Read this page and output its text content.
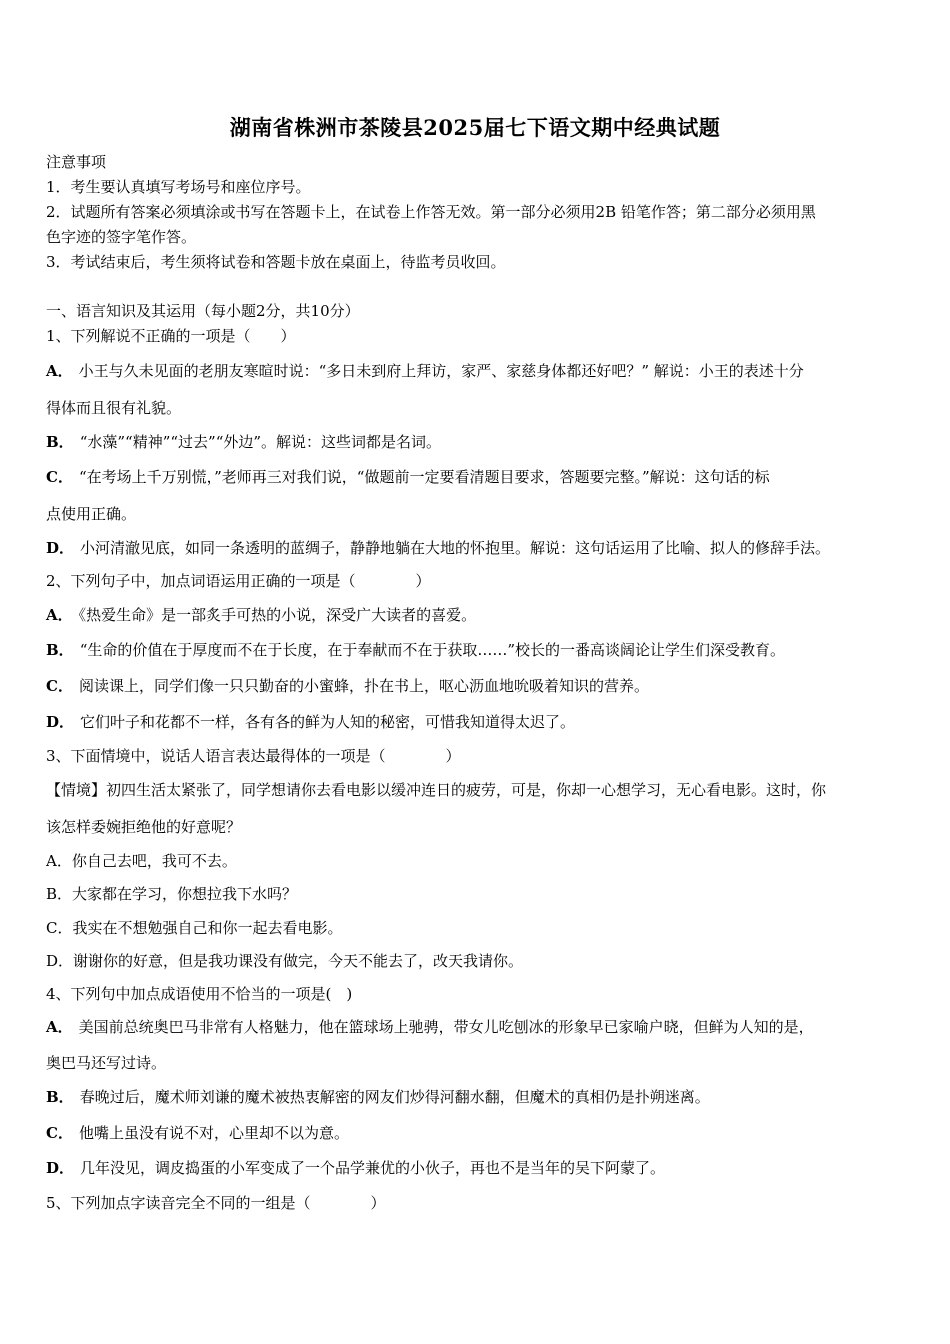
湖南省株洲市茶陵县2025届七下语文期中经典试题
注意事项
1．考生要认真填写考场号和座位序号。
2．试题所有答案必须填涂或书写在答题卡上，在试卷上作答无效。第一部分必须用2B 铅笔作答；第二部分必须用黑
色字迹的签字笔作答。
3．考试结束后，考生须将试卷和答题卡放在桌面上，待监考员收回。
一、语言知识及其运用（每小题2分，共10分）
1、下列解说不正确的一项是（　　）
A． 小王与久未见面的老朋友寒暄时说：“多日未到府上拜访，家严、家慈身体都还好吧？” 解说：小王的表述十分
得体而且很有礼貌。
B． “水藻”“精神”“过去”“外边”。解说：这些词都是名词。
C． “在考场上千万别慌，”老师再三对我们说，“做题前一定要看清题目要求，答题要完整。”解说：这句话的标
点使用正确。
D． 小河清澈见底，如同一条透明的蓝绸子，静静地躺在大地的怀抱里。解说：这句话运用了比喻、拟人的修辞手法。
2、下列句子中，加点词语运用正确的一项是（　　　　）
A． 《热爱生命》是一部炙手可热的小说，深受广大读者的喜爱。
B． “生命的价值在于厚度而不在于长度，在于奉献而不在于获取……”校长的一番高谈阔论让学生们深受教育。
C． 阅读课上，同学们像一只只勤奋的小蜜蜂，扑在书上，呕心沥血地吮吸着知识的营养。
D． 它们叶子和花都不一样，各有各的鲜为人知的秘密，可惜我知道得太迟了。
3、下面情境中，说话人语言表达最得体的一项是（　　　　）
【情境】初四生活太紧张了，同学想请你去看电影以缓冲连日的疲劳，可是，你却一心想学习，无心看电影。这时，你
该怎样委婉拒绝他的好意呢？
A．你自己去吧，我可不去。
B．大家都在学习，你想拉我下水吗？
C．我实在不想勉强自己和你一起去看电影。
D．谢谢你的好意，但是我功课没有做完，今天不能去了，改天我请你。
4、下列句中加点成语使用不恰当的一项是(　)
A． 美国前总统奥巴马非常有人格魅力，他在篮球场上驰骋，带女儿吃刨冰的形象早已家喻户晓，但鲜为人知的是，
奥巴马还写过诗。
B． 春晚过后，魔术师刘谦的魔术被热衷解密的网友们炒得河翻水翻，但魔术的真相仍是扑朔迷离。
C． 他嘴上虽没有说不对，心里却不以为意。
D． 几年没见，调皮捣蛋的小军变成了一个品学兼优的小伙子，再也不是当年的吴下阿蒙了。
5、下列加点字读音完全不同的一组是（　　　　）
